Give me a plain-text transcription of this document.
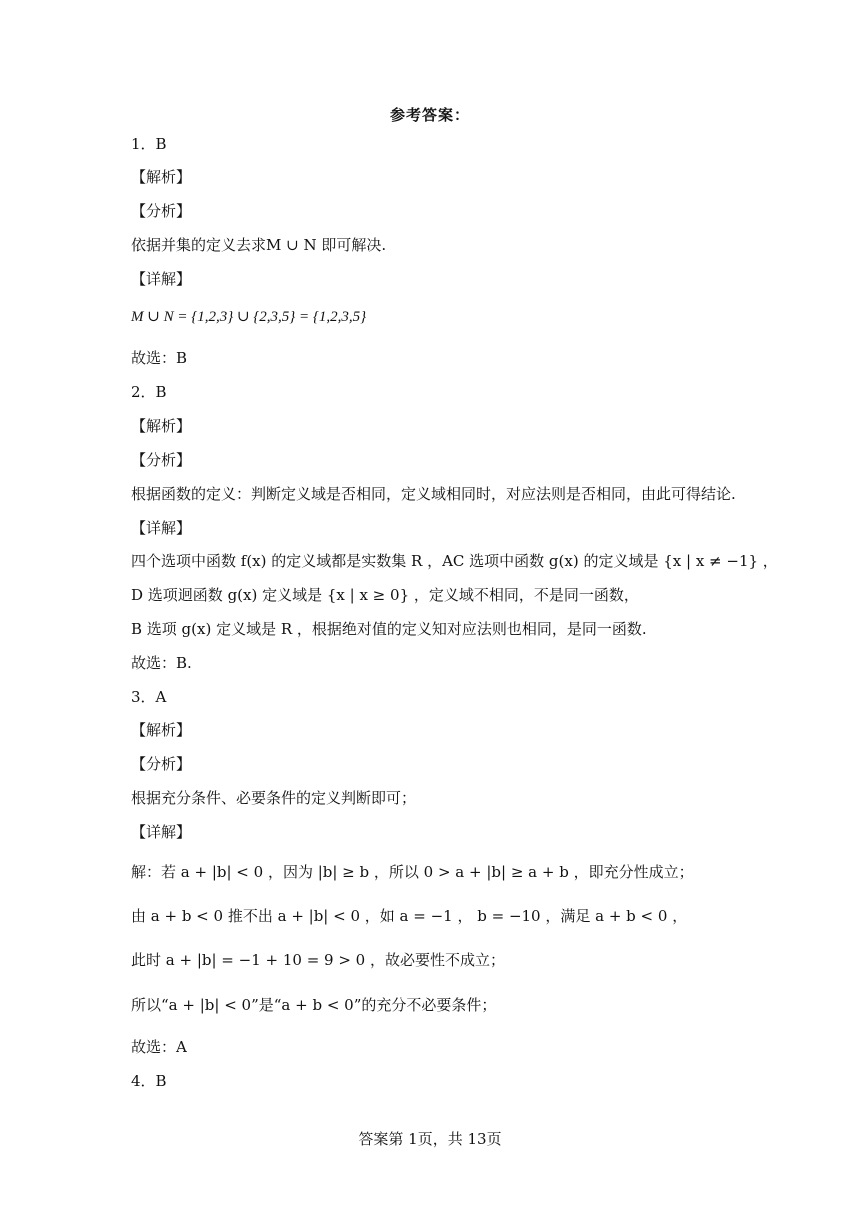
参考答案：
1．B
【解析】
【分析】
依据并集的定义去求M ∪ N 即可解决.
【详解】
M ∪ N = {1,2,3} ∪ {2,3,5} = {1,2,3,5}
故选：B
2．B
【解析】
【分析】
根据函数的定义：判断定义域是否相同，定义域相同时，对应法则是否相同，由此可得结论.
【详解】
四个选项中函数 f(x) 的定义域都是实数集 R ，AC 选项中函数 g(x) 的定义域是 {x | x ≠ −1} ，
D 选项迥函数 g(x) 定义域是 {x | x ≥ 0} ，定义域不相同，不是同一函数，
B 选项 g(x) 定义域是 R ，根据绝对值的定义知对应法则也相同，是同一函数.
故选：B.
3．A
【解析】
【分析】
根据充分条件、必要条件的定义判断即可；
【详解】
解：若 a + |b| < 0 ，因为 |b| ≥ b ，所以 0 > a + |b| ≥ a + b ，即充分性成立；
由 a + b < 0 推不出 a + |b| < 0 ，如 a = −1 ， b = −10 ，满足 a + b < 0 ，
此时 a + |b| = −1 + 10 = 9 > 0 ，故必要性不成立；
所以“a + |b| < 0”是“a + b < 0”的充分不必要条件；
故选：A
4．B
答案第 1页，共 13页
